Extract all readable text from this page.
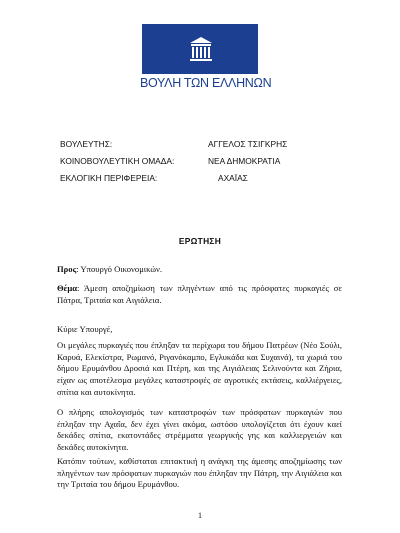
ΒΟΥΛΗ ΤΩΝ ΕΛΛΗΝΩΝ
ΒΟΥΛΕΥΤΗΣ:	ΑΓΓΕΛΟΣ ΤΣΙΓΚΡΗΣ
ΚΟΙΝΟΒΟΥΛΕΥΤΙΚΗ ΟΜΑΔΑ:	ΝΕΑ ΔΗΜΟΚΡΑΤΙΑ
ΕΚΛΟΓΙΚΗ ΠΕΡΙΦΕΡΕΙΑ:	ΑΧΑΪΑΣ
ΕΡΩΤΗΣΗ
Προς: Υπουργό Οικονομικών.
Θέμα: Άμεση αποζημίωση των πληγέντων από τις πρόσφατες πυρκαγιές σε Πάτρα, Τριταία και Αιγιάλεια.
Κύριε Υπουργέ,
Οι μεγάλες πυρκαγιές που έπληξαν τα περίχωρα του δήμου Πατρέων (Νέο Σούλι, Καρυά, Ελεκίστρα, Ρωμανό, Ριγανόκαμπο, Εγλυκάδα και Συχαινά), τα χωριά του δήμου Ερυμάνθου Δροσιά και Πτέρη, και της Αιγιάλειας Σελινούντα και Ζήρια, είχαν ως αποτέλεσμα μεγάλες καταστροφές σε αγροτικές εκτάσεις, καλλιέργειες, σπίτια και αυτοκίνητα.
Ο πλήρης απολογισμός των καταστροφών των πρόσφατων πυρκαγιών που έπληξαν την Αχαΐα, δεν έχει γίνει ακόμα, ωστόσο υπολογίζεται ότι έχουν καεί δεκάδες σπίτια, εκατοντάδες στρέμματα γεωργικής γης και καλλιεργειών και δεκάδες αυτοκίνητα.
Κατόπιν τούτων, καθίσταται επιτακτική η ανάγκη της άμεσης αποζημίωσης των πληγέντων των πρόσφατων πυρκαγιών που έπληξαν την Πάτρη, την Αιγιάλεια και την Τριταία του δήμου Ερυμάνθου.
1
